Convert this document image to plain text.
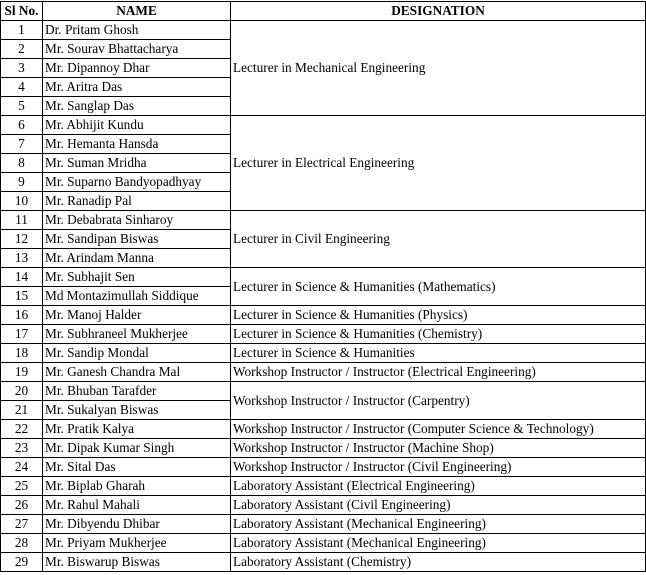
Sl No.	NAME	DESIGNATION
1	Dr. Pritam Ghosh	Lecturer in Mechanical Engineering
2	Mr. Sourav Bhattacharya	
3	Mr. Dipannoy Dhar	
4	Mr. Aritra Das	
5	Mr. Sanglap Das	
6	Mr. Abhijit Kundu	Lecturer in Electrical Engineering
7	Mr. Hemanta Hansda	
8	Mr. Suman Mridha	
9	Mr. Suparno Bandyopadhyay	
10	Mr. Ranadip Pal	
11	Mr. Debabrata Sinharoy	Lecturer in Civil Engineering
12	Mr. Sandipan Biswas	
13	Mr. Arindam Manna	
14	Mr. Subhajit Sen	Lecturer in Science & Humanities (Mathematics)
15	Md Montazimullah Siddique	
16	Mr. Manoj Halder	Lecturer in Science & Humanities (Physics)
17	Mr. Subhraneel Mukherjee	Lecturer in Science & Humanities (Chemistry)
18	Mr. Sandip Mondal	Lecturer in Science & Humanities
19	Mr. Ganesh Chandra Mal	Workshop Instructor / Instructor (Electrical Engineering)
20	Mr. Bhuban Tarafder	Workshop Instructor / Instructor (Carpentry)
21	Mr. Sukalyan Biswas	
22	Mr. Pratik Kalya	Workshop Instructor / Instructor (Computer Science & Technology)
23	Mr. Dipak Kumar Singh	Workshop Instructor / Instructor (Machine Shop)
24	Mr. Sital Das	Workshop Instructor / Instructor (Civil Engineering)
25	Mr. Biplab Gharah	Laboratory Assistant (Electrical Engineering)
26	Mr. Rahul Mahali	Laboratory Assistant (Civil Engineering)
27	Mr. Dibyendu Dhibar	Laboratory Assistant (Mechanical Engineering)
28	Mr. Priyam Mukherjee	Laboratory Assistant (Mechanical Engineering)
29	Mr. Biswarup Biswas	Laboratory Assistant (Chemistry)
